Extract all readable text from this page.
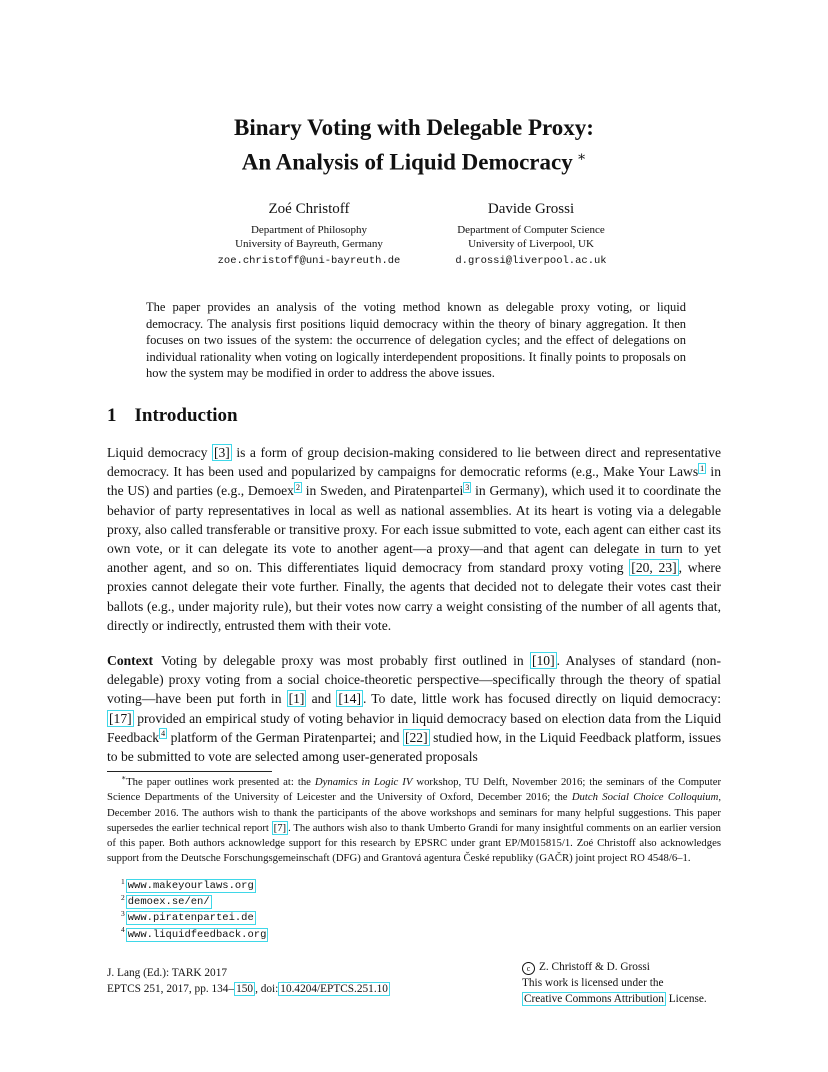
Binary Voting with Delegable Proxy:
An Analysis of Liquid Democracy ∗
Zoé Christoff
Department of Philosophy
University of Bayreuth, Germany
zoe.christoff@uni-bayreuth.de
Davide Grossi
Department of Computer Science
University of Liverpool, UK
d.grossi@liverpool.ac.uk
The paper provides an analysis of the voting method known as delegable proxy voting, or liquid democracy. The analysis first positions liquid democracy within the theory of binary aggregation. It then focuses on two issues of the system: the occurrence of delegation cycles; and the effect of delegations on individual rationality when voting on logically interdependent propositions. It finally points to proposals on how the system may be modified in order to address the above issues.
1 Introduction
Liquid democracy [3] is a form of group decision-making considered to lie between direct and representative democracy. It has been used and popularized by campaigns for democratic reforms (e.g., Make Your Laws $^1$ in the US) and parties (e.g., Demoex $^2$ in Sweden, and Piratenpartei $^3$ in Germany), which used it to coordinate the behavior of party representatives in local as well as national assemblies. At its heart is voting via a delegable proxy, also called transferable or transitive proxy. For each issue submitted to vote, each agent can either cast its own vote, or it can delegate its vote to another agent—a proxy—and that agent can delegate in turn to yet another agent, and so on. This differentiates liquid democracy from standard proxy voting [20, 23] , where proxies cannot delegate their vote further. Finally, the agents that decided not to delegate their votes cast their ballots (e.g., under majority rule), but their votes now carry a weight consisting of the number of all agents that, directly or indirectly, entrusted them with their vote.
Context Voting by delegable proxy was most probably first outlined in [10] . Analyses of standard (non-delegable) proxy voting from a social choice-theoretic perspective—specifically through the theory of spatial voting—have been put forth in [1] and [14] . To date, little work has focused directly on liquid democracy: [17] provided an empirical study of voting behavior in liquid democracy based on election data from the Liquid Feedback $^4$ platform of the German Piratenpartei; and [22] studied how, in the Liquid Feedback platform, issues to be submitted to vote are selected among user-generated proposals
∗The paper outlines work presented at: the Dynamics in Logic IV workshop, TU Delft, November 2016; the seminars of the Computer Science Departments of the University of Leicester and the University of Oxford, December 2016; the Dutch Social Choice Colloquium, December 2016. The authors wish to thank the participants of the above workshops and seminars for many helpful suggestions. This paper supersedes the earlier technical report [7] . The authors wish also to thank Umberto Grandi for many insightful comments on an earlier version of this paper. Both authors acknowledge support for this research by EPSRC under grant EP/M015815/1. Zoé Christoff also acknowledges support from the Deutsche Forschungsgemeinschaft (DFG) and Grantová agentura České republiky (GAČR) joint project RO 4548/6–1.
$^1$ www.makeyourlaws.org
$^2$ demoex.se/en/
$^3$ www.piratenpartei.de
$^4$ www.liquidfeedback.org
J. Lang (Ed.): TARK 2017
EPTCS 251, 2017, pp. 134– 150 , doi: 10.4204/EPTCS.251.10
c Z. Christoff & D. Grossi
This work is licensed under the
Creative Commons Attribution License.
